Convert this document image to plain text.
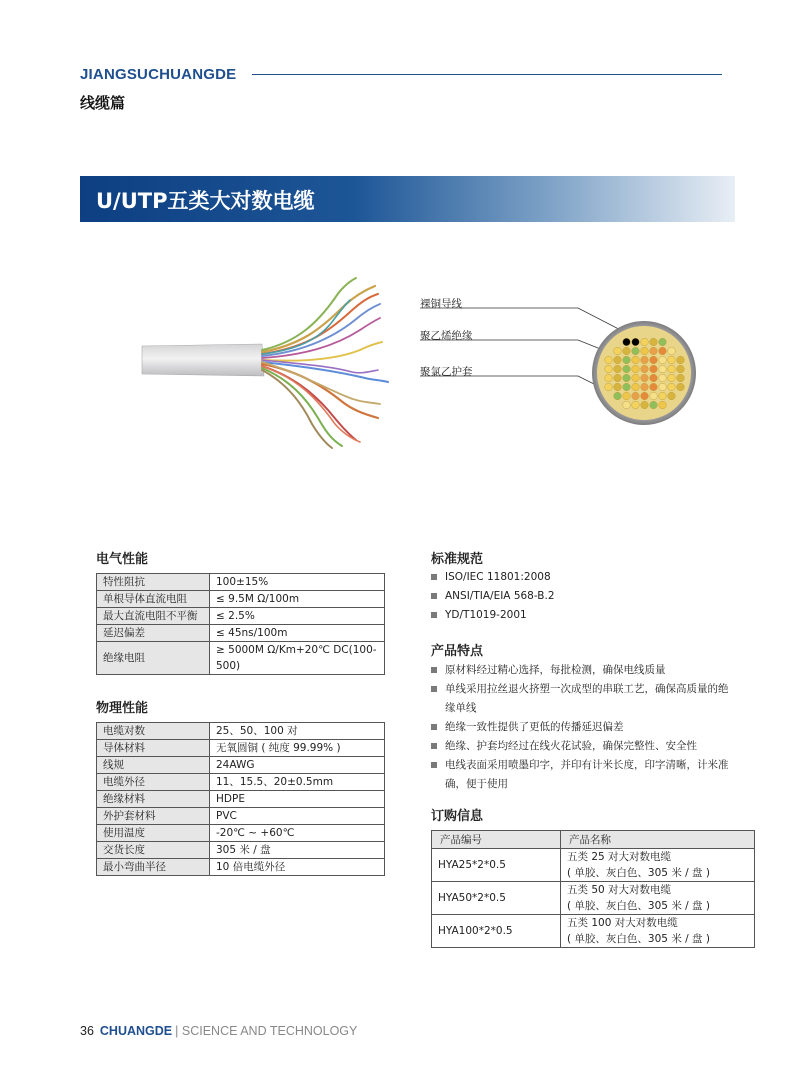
JIANGSUCHUANGDE
线缆篇
U/UTP五类大对数电缆
裸铜导线
聚乙烯绝缘
聚氯乙护套
电气性能
特性阻抗	100±15%
单根导体直流电阻	≤ 9.5M Ω/100m
最大直流电阻不平衡	≤ 2.5%
延迟偏差	≤ 45ns/100m
绝缘电阻	≥ 5000M Ω/Km+20℃ DC(100-500)
物理性能
电缆对数	25、50、100 对
导体材料	无氧圆铜 ( 纯度 99.99% )
线规	24AWG
电缆外径	11、15.5、20±0.5mm
绝缘材料	HDPE
外护套材料	PVC
使用温度	-20℃ ~ +60℃
交货长度	305 米 / 盘
最小弯曲半径	10 倍电缆外径
标准规范
ISO/IEC 11801:2008
ANSI/TIA/EIA 568-B.2
YD/T1019-2001
产品特点
原材料经过精心选择，每批检测，确保电线质量
单线采用拉丝退火挤塑一次成型的串联工艺，确保高质量的绝缘单线
绝缘一致性提供了更低的传播延迟偏差
绝缘、护套均经过在线火花试验，确保完整性、安全性
电线表面采用喷墨印字，并印有计米长度，印字清晰，计米准确，便于使用
订购信息
产品编号	产品名称
HYA25*2*0.5	五类 25 对大对数电缆
( 单胶、灰白色、305 米 / 盘 )

HYA50*2*0.5	五类 50 对大对数电缆
( 单胶、灰白色、305 米 / 盘 )

HYA100*2*0.5	五类 100 对大对数电缆
( 单胶、灰白色、305 米 / 盘 )
36 CHUANGDE | SCIENCE AND TECHNOLOGY
